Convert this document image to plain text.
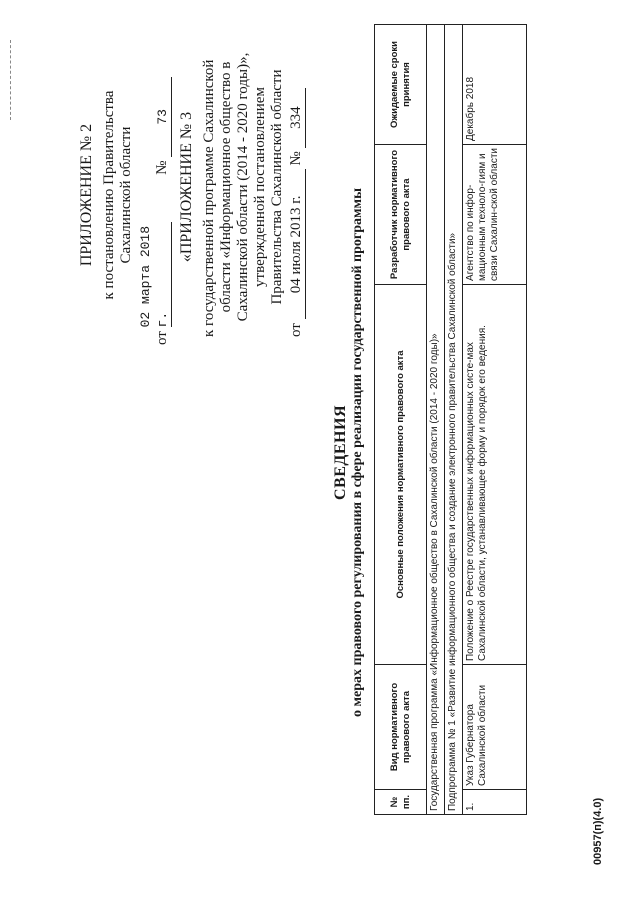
ПРИЛОЖЕНИЕ № 2 к постановлению Правительства Сахалинской области
от 02 марта 2018 г.  № 73 «ПРИЛОЖЕНИЕ № 3 к государственной программе Сахалинской области «Информационное общество в Сахалинской области (2014 - 2020 годы)», утвержденной постановлением Правительства Сахалинской области
от 04 июля 2013 г. № 334
СВЕДЕНИЯ о мерах правового регулирования в сфере реализации государственной программы
№ пп.	Вид нормативного правового акта	Основные положения нормативного правового акта	Разработчик нормативного правового акта	Ожидаемые сроки принятия
Государственная программа «Информационное общество в Сахалинской области (2014 - 2020 годы)»				
Подпрограмма № 1 «Развитие информационного общества и создание электронного правительства Сахалинской области»				
1.	Указ Губернатора Сахалинской области	Положение о Реестре государственных информационных систе-мах Сахалинской области, устанавливающее форму и порядок его ведения.	Агентство по инфор-мационным техноло-гиям и связи Сахалин-ской области	Декабрь 2018
00957(п)(4.0)
